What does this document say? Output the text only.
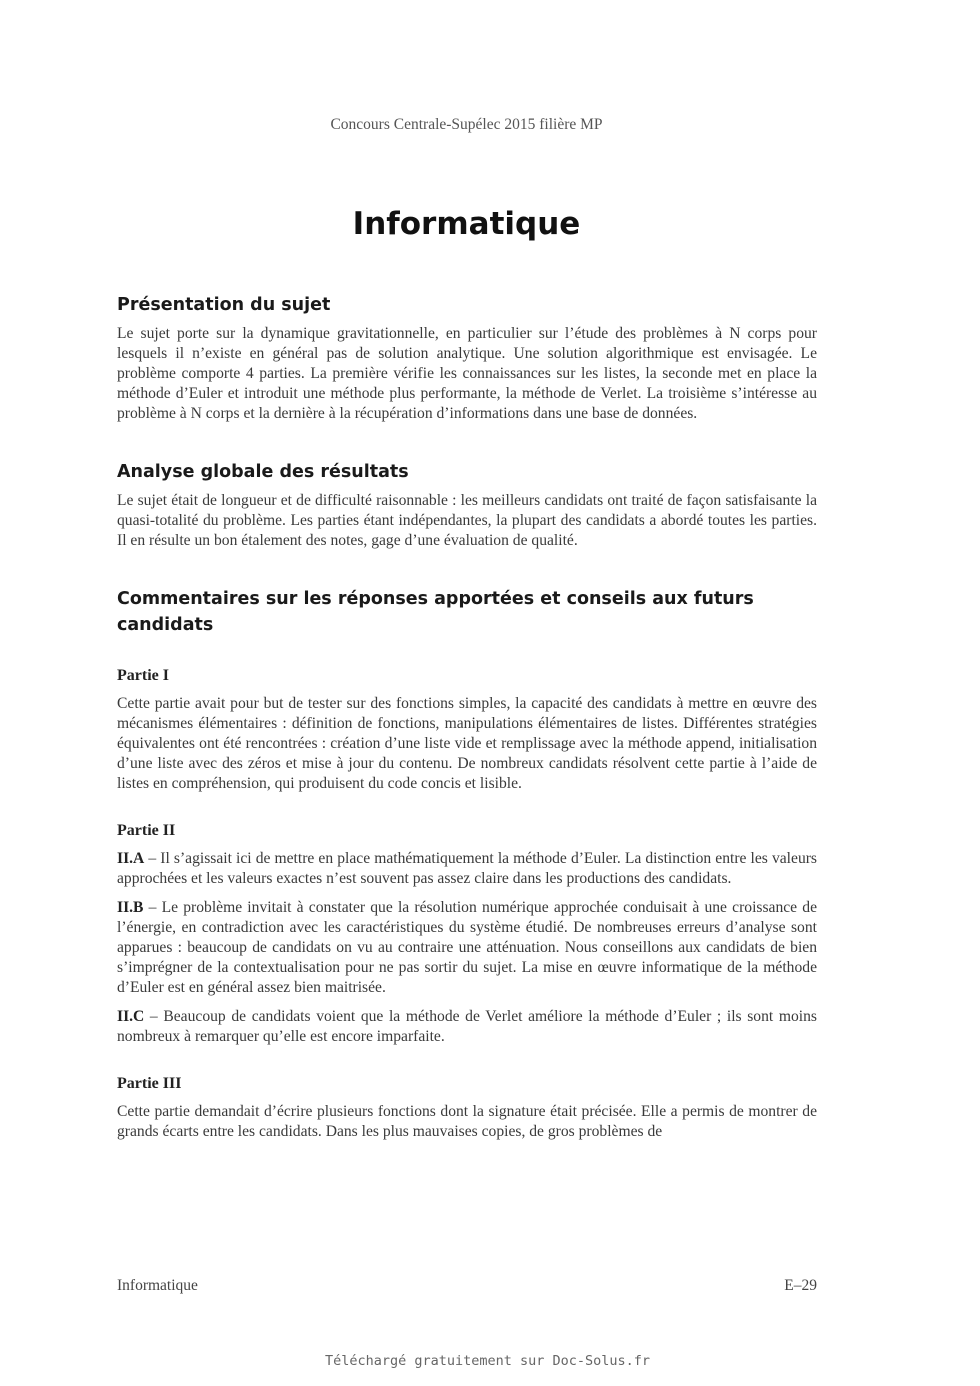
Concours Centrale-Supélec 2015 filière MP
Informatique
Présentation du sujet

Le sujet porte sur la dynamique gravitationnelle, en particulier sur l’étude des problèmes à N corps pour lesquels il n’existe en général pas de solution analytique. Une solution algorithmique est envisagée. Le problème comporte 4 parties. La première vérifie les connaissances sur les listes, la seconde met en place la méthode d’Euler et introduit une méthode plus performante, la méthode de Verlet. La troisième s’intéresse au problème à N corps et la dernière à la récupération d’informations dans une base de données.

Analyse globale des résultats

Le sujet était de longueur et de difficulté raisonnable : les meilleurs candidats ont traité de façon satisfaisante la quasi-totalité du problème. Les parties étant indépendantes, la plupart des candidats a abordé toutes les parties. Il en résulte un bon étalement des notes, gage d’une évaluation de qualité.

Commentaires sur les réponses apportées et conseils aux futurs candidats
Partie I

Cette partie avait pour but de tester sur des fonctions simples, la capacité des candidats à mettre en œuvre des mécanismes élémentaires : définition de fonctions, manipulations élémentaires de listes. Différentes stratégies équivalentes ont été rencontrées : création d’une liste vide et remplissage avec la méthode append, initialisation d’une liste avec des zéros et mise à jour du contenu. De nombreux candidats résolvent cette partie à l’aide de listes en compréhension, qui produisent du code concis et lisible.

Partie II

II.A – Il s’agissait ici de mettre en place mathématiquement la méthode d’Euler. La distinction entre les valeurs approchées et les valeurs exactes n’est souvent pas assez claire dans les productions des candidats.

II.B – Le problème invitait à constater que la résolution numérique approchée conduisait à une croissance de l’énergie, en contradiction avec les caractéristiques du système étudié. De nombreuses erreurs d’analyse sont apparues : beaucoup de candidats on vu au contraire une atténuation. Nous conseillons aux candidats de bien s’imprégner de la contextualisation pour ne pas sortir du sujet. La mise en œuvre informatique de la méthode d’Euler est en général assez bien maitrisée.

II.C – Beaucoup de candidats voient que la méthode de Verlet améliore la méthode d’Euler ; ils sont moins nombreux à remarquer qu’elle est encore imparfaite.

Partie III

Cette partie demandait d’écrire plusieurs fonctions dont la signature était précisée. Elle a permis de montrer de grands écarts entre les candidats. Dans les plus mauvaises copies, de gros problèmes de

Informatique	E–29
Téléchargé gratuitement sur Doc-Solus.fr
